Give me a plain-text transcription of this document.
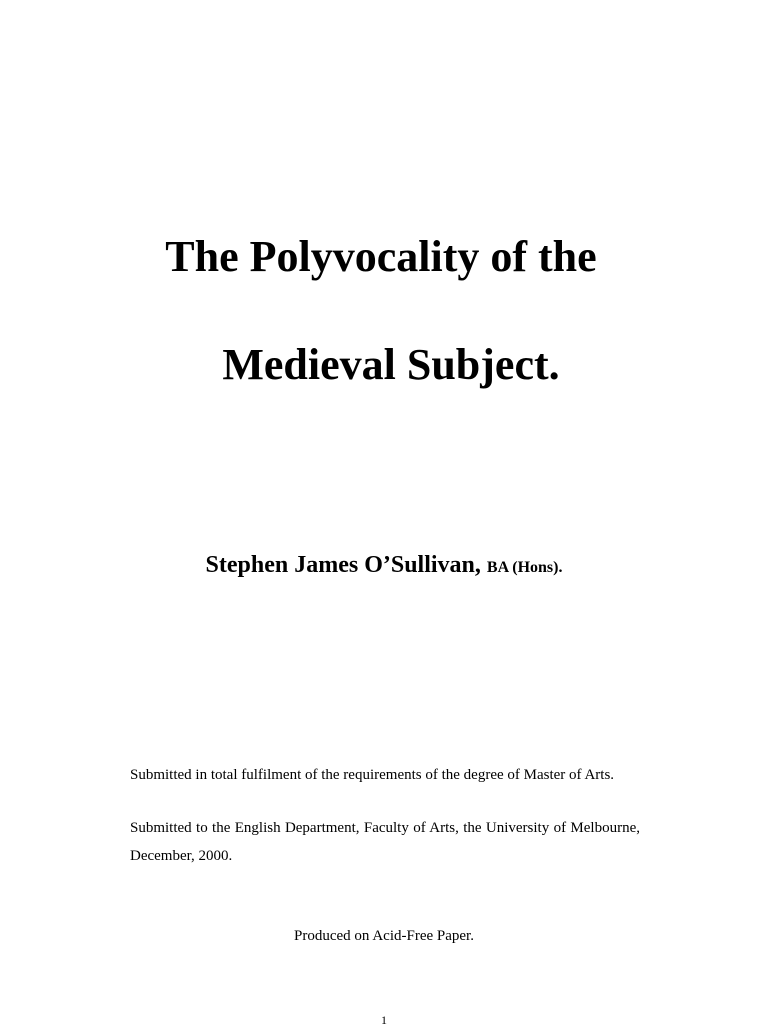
The Polyvocality of the
Medieval Subject.
Stephen James O’Sullivan, BA (Hons).
Submitted in total fulfilment of the requirements of the degree of Master of Arts.
Submitted to the English Department, Faculty of Arts, the University of Melbourne, December, 2000.
Produced on Acid-Free Paper.
1
